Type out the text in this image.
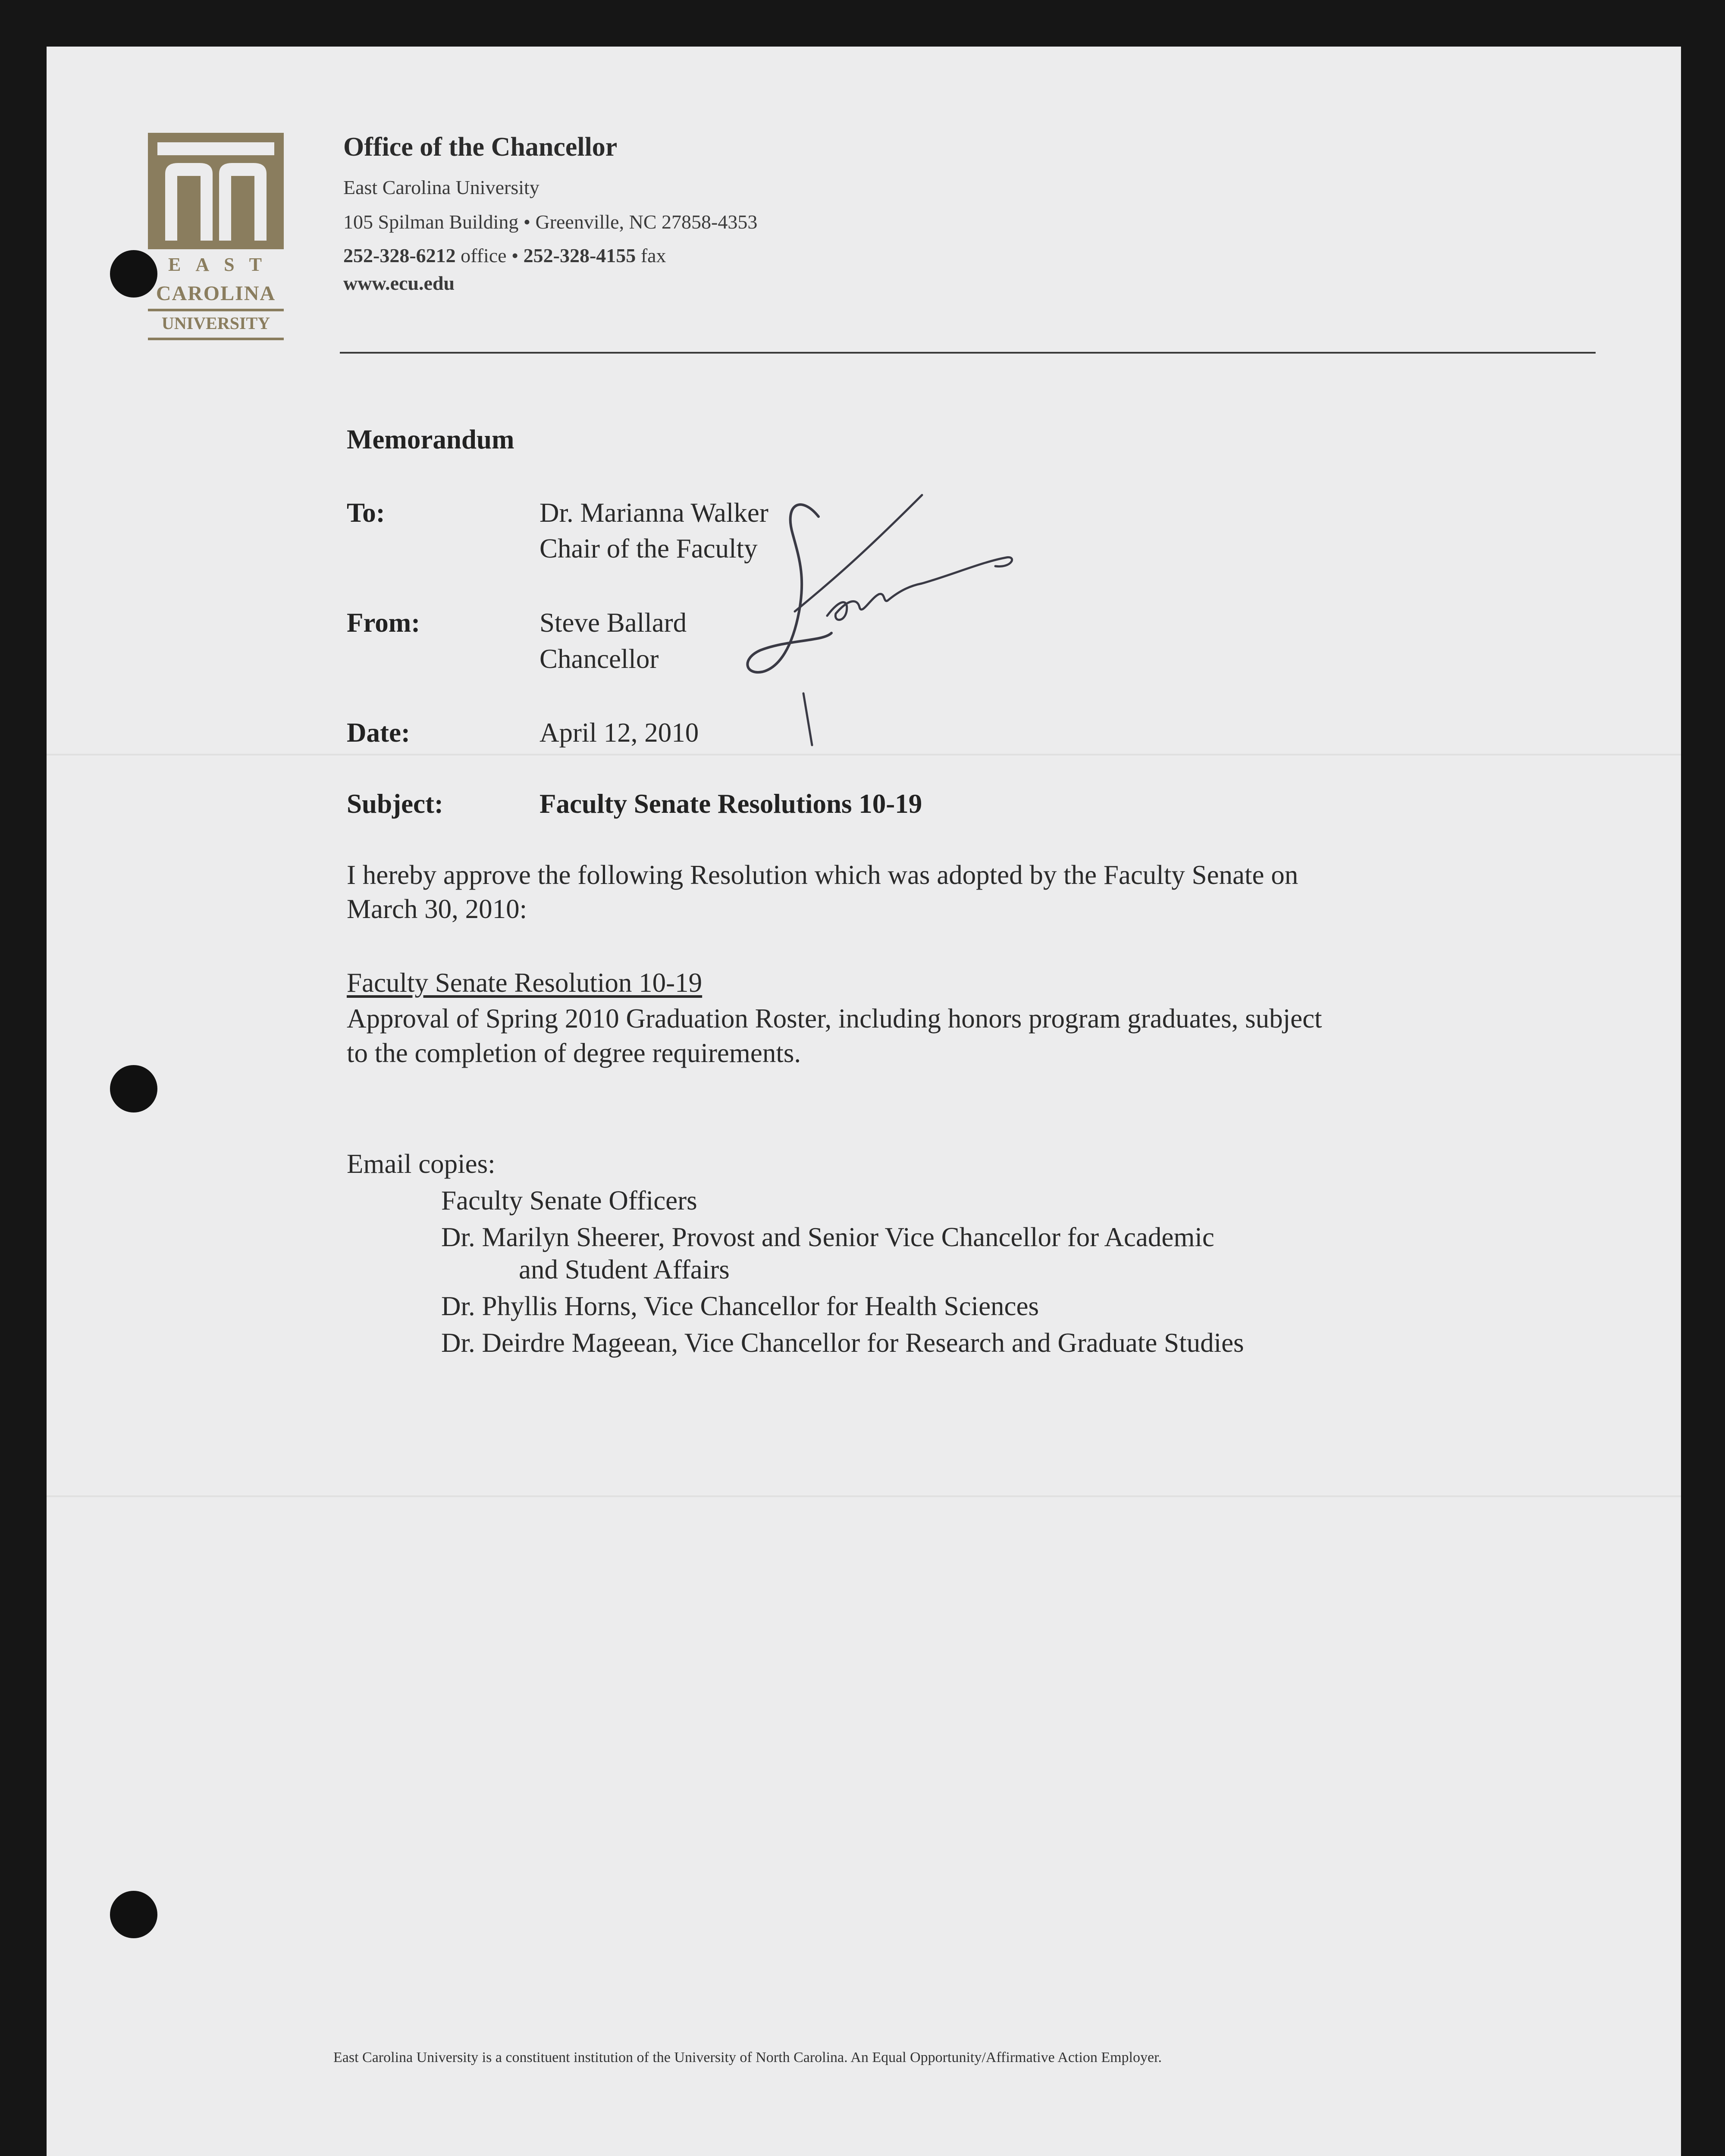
EAST
CAROLINA
UNIVERSITY
Office of the Chancellor
East Carolina University
105 Spilman Building • Greenville, NC 27858-4353
252-328-6212 office • 252-328-4155 fax
www.ecu.edu
Memorandum
To:	Dr. Marianna Walker
Chair of the Faculty
From:	Steve Ballard
Chancellor
Date:	April 12, 2010
Subject:	Faculty Senate Resolutions 10-19
I hereby approve the following Resolution which was adopted by the Faculty Senate on
March 30, 2010:
Faculty Senate Resolution 10-19
Approval of Spring 2010 Graduation Roster, including honors program graduates, subject
to the completion of degree requirements.
Email copies:
Faculty Senate Officers
Dr. Marilyn Sheerer, Provost and Senior Vice Chancellor for Academic
and Student Affairs
Dr. Phyllis Horns, Vice Chancellor for Health Sciences
Dr. Deirdre Mageean, Vice Chancellor for Research and Graduate Studies
East Carolina University is a constituent institution of the University of North Carolina. An Equal Opportunity/Affirmative Action Employer.
